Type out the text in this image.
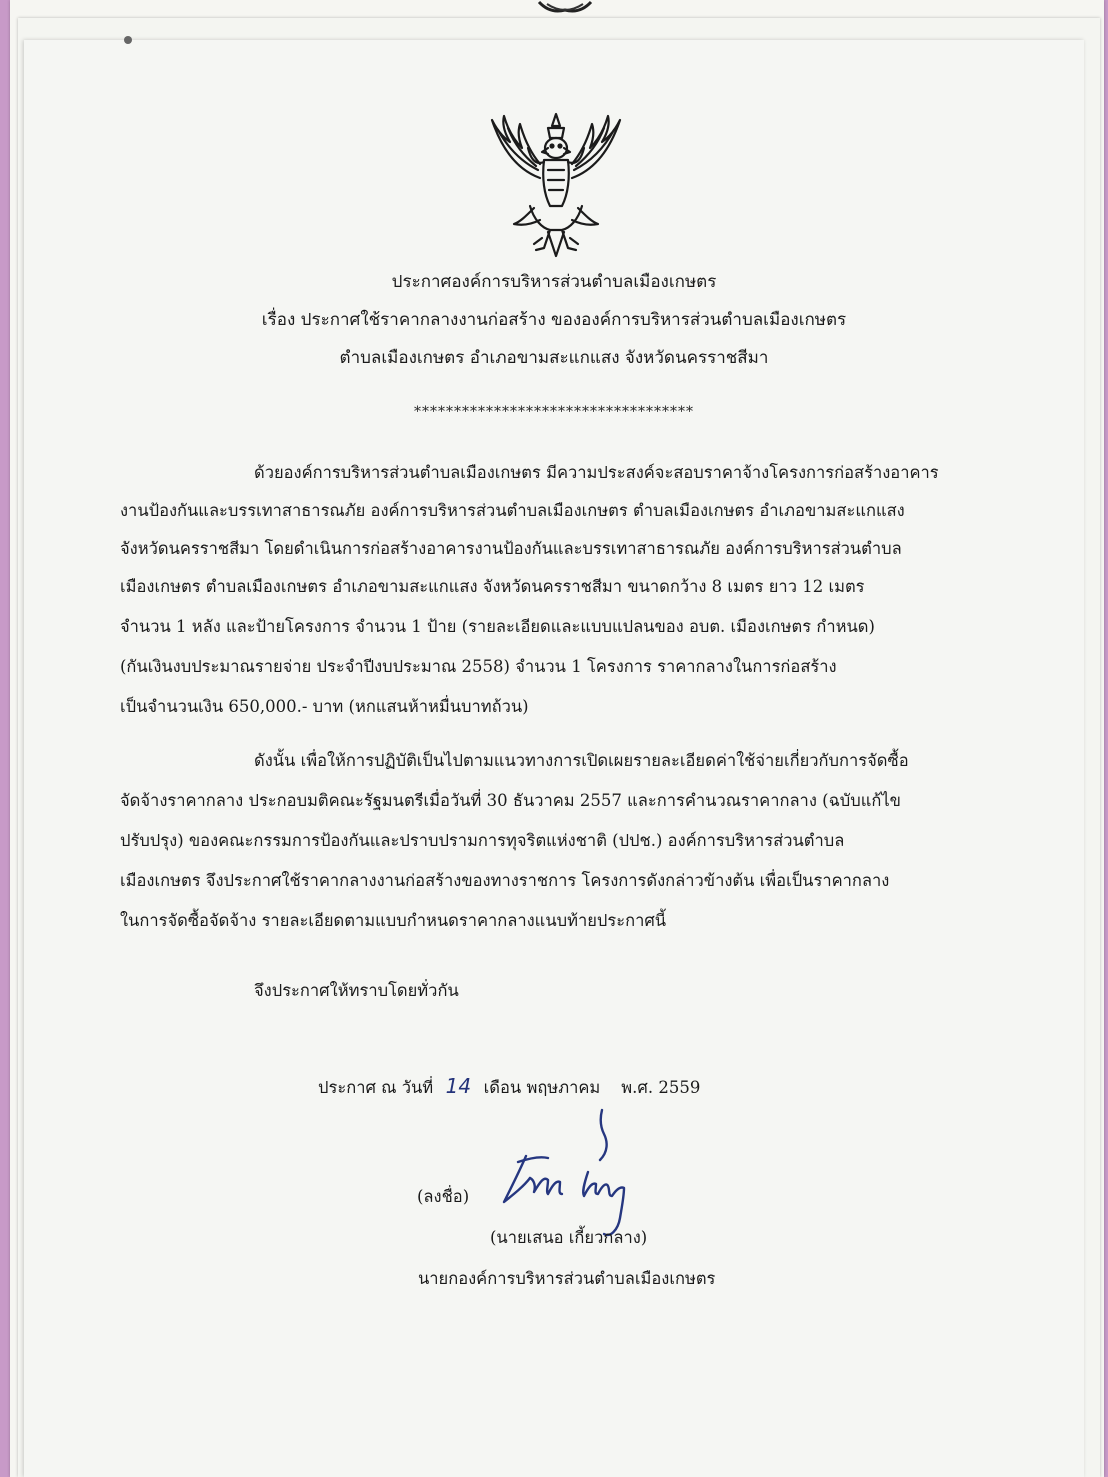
ประกาศองค์การบริหารส่วนตำบลเมืองเกษตร
เรื่อง ประกาศใช้ราคากลางงานก่อสร้าง ขององค์การบริหารส่วนตำบลเมืองเกษตร
ตำบลเมืองเกษตร อำเภอขามสะแกแสง จังหวัดนครราชสีมา
***********************************
ด้วยองค์การบริหารส่วนตำบลเมืองเกษตร มีความประสงค์จะสอบราคาจ้างโครงการก่อสร้างอาคาร
งานป้องกันและบรรเทาสาธารณภัย องค์การบริหารส่วนตำบลเมืองเกษตร ตำบลเมืองเกษตร อำเภอขามสะแกแสง
จังหวัดนครราชสีมา โดยดำเนินการก่อสร้างอาคารงานป้องกันและบรรเทาสาธารณภัย องค์การบริหารส่วนตำบล
เมืองเกษตร ตำบลเมืองเกษตร อำเภอขามสะแกแสง จังหวัดนครราชสีมา ขนาดกว้าง 8 เมตร ยาว 12 เมตร
จำนวน 1 หลัง และป้ายโครงการ จำนวน 1 ป้าย (รายละเอียดและแบบแปลนของ อบต. เมืองเกษตร กำหนด)
(กันเงินงบประมาณรายจ่าย ประจำปีงบประมาณ 2558) จำนวน 1 โครงการ ราคากลางในการก่อสร้าง
เป็นจำนวนเงิน 650,000.- บาท (หกแสนห้าหมื่นบาทถ้วน)
ดังนั้น เพื่อให้การปฏิบัติเป็นไปตามแนวทางการเปิดเผยรายละเอียดค่าใช้จ่ายเกี่ยวกับการจัดซื้อ
จัดจ้างราคากลาง ประกอบมติคณะรัฐมนตรีเมื่อวันที่ 30 ธันวาคม 2557 และการคำนวณราคากลาง (ฉบับแก้ไข
ปรับปรุง) ของคณะกรรมการป้องกันและปราบปรามการทุจริตแห่งชาติ (ปปช.) องค์การบริหารส่วนตำบล
เมืองเกษตร จึงประกาศใช้ราคากลางงานก่อสร้างของทางราชการ โครงการดังกล่าวข้างต้น เพื่อเป็นราคากลาง
ในการจัดซื้อจัดจ้าง รายละเอียดตามแบบกำหนดราคากลางแนบท้ายประกาศนี้
จึงประกาศให้ทราบโดยทั่วกัน
ประกาศ ณ วันที่ 14 เดือน พฤษภาคม พ.ศ. 2559
(ลงชื่อ)
(นายเสนอ เกี้ยวกลาง)
นายกองค์การบริหารส่วนตำบลเมืองเกษตร
